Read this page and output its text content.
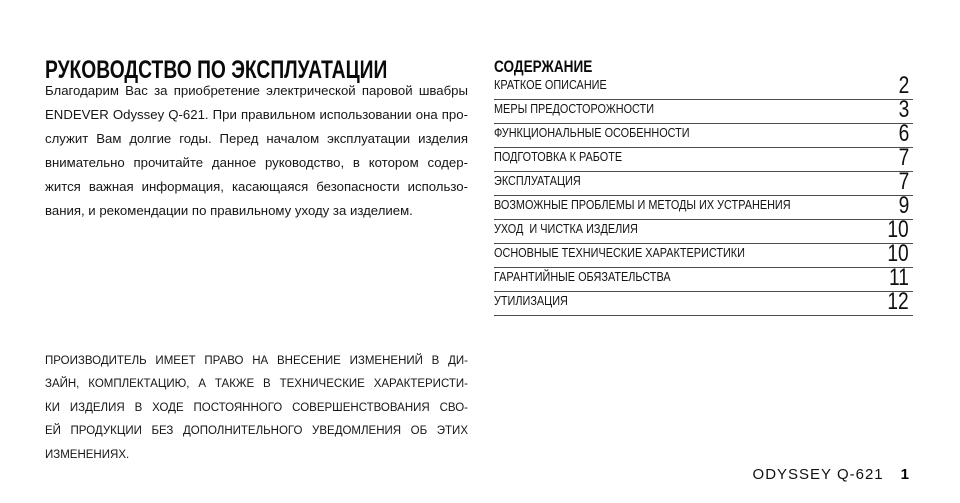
РУКОВОДСТВО ПО ЭКСПЛУАТАЦИИ
Благодарим Вас за приобретение электрической паровой швабры
ENDEVER Odyssey Q-621. При правильном использовании она про-
служит Вам долгие годы. Перед началом эксплуатации изделия
внимательно прочитайте данное руководство, в котором содер-
жится важная информация, касающаяся безопасности использо-
вания, и рекомендации по правильному уходу за изделием.
ПРОИЗВОДИТЕЛЬ ИМЕЕТ ПРАВО НА ВНЕСЕНИЕ ИЗМЕНЕНИЙ В ДИ-
ЗАЙН, КОМПЛЕКТАЦИЮ, А ТАКЖЕ В ТЕХНИЧЕСКИЕ ХАРАКТЕРИСТИ-
КИ ИЗДЕЛИЯ В ХОДЕ ПОСТОЯННОГО СОВЕРШЕНСТВОВАНИЯ СВО-
ЕЙ ПРОДУКЦИИ БЕЗ ДОПОЛНИТЕЛЬНОГО УВЕДОМЛЕНИЯ ОБ ЭТИХ
ИЗМЕНЕНИЯХ.
СОДЕРЖАНИЕ
КРАТКОЕ ОПИСАНИЕ	2
МЕРЫ ПРЕДОСТОРОЖНОСТИ	3
ФУНКЦИОНАЛЬНЫЕ ОСОБЕННОСТИ	6
ПОДГОТОВКА К РАБОТЕ	7
ЭКСПЛУАТАЦИЯ	7
ВОЗМОЖНЫЕ ПРОБЛЕМЫ И МЕТОДЫ ИХ УСТРАНЕНИЯ	9
УХОД  И ЧИСТКА ИЗДЕЛИЯ	10
ОСНОВНЫЕ ТЕХНИЧЕСКИЕ ХАРАКТЕРИСТИКИ	10
ГАРАНТИЙНЫЕ ОБЯЗАТЕЛЬСТВА	11
УТИЛИЗАЦИЯ	12
ODYSSEY Q-621 1
